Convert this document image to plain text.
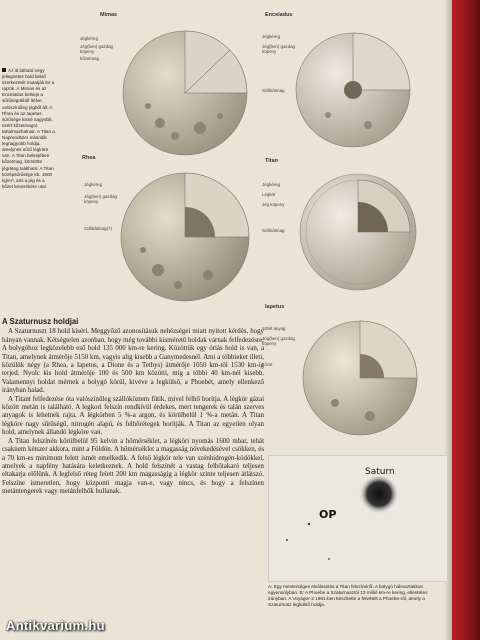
Az itt látható négy jellegzetes hold belső szerkezetét mutatják be a rajzok. A Mimas és az Enceladus belseje a sűrűségükből ítélve, valószínűleg jégből áll. A Rhea és az Iapetus sűrűsége kissé nagyobb, ezért kőzetmagot tartalmazhatnak. A Titan a Naprendszer második legnagyobb holdja, amelynek sűrű légköre van. A Titan belsejében kőzetmag, körülötte jégréteg található. A Titan középsűrűsége kb. 1900 kg/m³, ami a jég és a kőzet keverékére utal.
Mimas
Jégkéreg
Jég(ben) gazdag köpeny
kőzetmag
Enceladus
Jégkéreg
Jég(ben) gazdag köpeny
Szilikátmag
Rhea
Jégkéreg
Jég(ben) gazdag köpeny
Szilikátmag(?)
Titan
Jégkéreg
Légkör
Jég köpeny
Szilikátmag
Iapetus
Sötét anyag
Jég(ben) gazdag köpeny
kőzet
A Szaturnusz holdjai

A Szaturnuszt 18 hold kíséri. Meggyőző azonosításuk nehézségei miatt nyitott kérdés, hogy hányan vannak. Kétségtelen azonban, hogy még további kisméretű holdak várnak felfedezésre. A bolygóhoz legközelebb eső hold 135 000 km-re kering. Közöttük egy óriás hold is van, a Titan, amelynek átmérője 5150 km, vagyis alig kisebb a Ganymedesnél. Ami a többieket illeti, közülük négy (a Rhea, a Iapetus, a Dione és a Tethys) átmérője 1050 km-től 1530 km-ig terjed. Nyolc kis hold átmérője 100 és 500 km közötti, míg a többi 40 km-nél kisebb. Valamennyi holdat mérnek a bolygó körül, kivéve a legkülső, a Phoebét, amely ellenkező irányban halad.

A Titant felfedezése óta valószínűleg szállóköztem fűtik, mivel felhő borítja. A légkör gázai között metán is található. A legkori felszín rendkívül érdekes, mert tengerek és talán szerves anyagok is lehetnek rajta. A légkörben 5 %-a argon, és körülbelül 1 %-a metán. A Titan légköre nagy sűrűségű, nitrogén alapú, és felhőrétegek borítják. A Titan az egyetlen olyan hold, amelynek állandó légköre van.

A Titan felszínén körülbelül 95 kelvin a hőmérséklet, a légköri nyomás 1600 mbar, tehát csaknem kétszer akkora, mint a Földön. A hőmérséklet a magasság növekedésével csökken, és a 70 km-es minimum felett ismét emelkedik. A felső légkör tele van szénhidrogén-ködökkel, amelyek a napfény hatására keletkeznek. A hold felszínét a vastag felhőtakaró teljesen eltakarja előlünk. A legfelső réteg felett 200 km magasságig a légkör szinte teljesen átlátszó. Felszíne ismeretlen, hogy központi magja van-e, vagy nincs, és hogy a felszínen metántengerek vagy metánfelhők hullanak.

Saturn
OP
A: Egy mesterséges elválasztás a Titan felszínéről. A bolygó hidrosztatikus egyensúlyban. B: A Phoebe a Szaturnusztól 13 millió km-re kering, ellentétes irányban. A Voyager-2 1981-ben készítette a felvételt a Phoebe-ről, amely a Szaturnusz legkülső holdja.
Antikvarium.hu
